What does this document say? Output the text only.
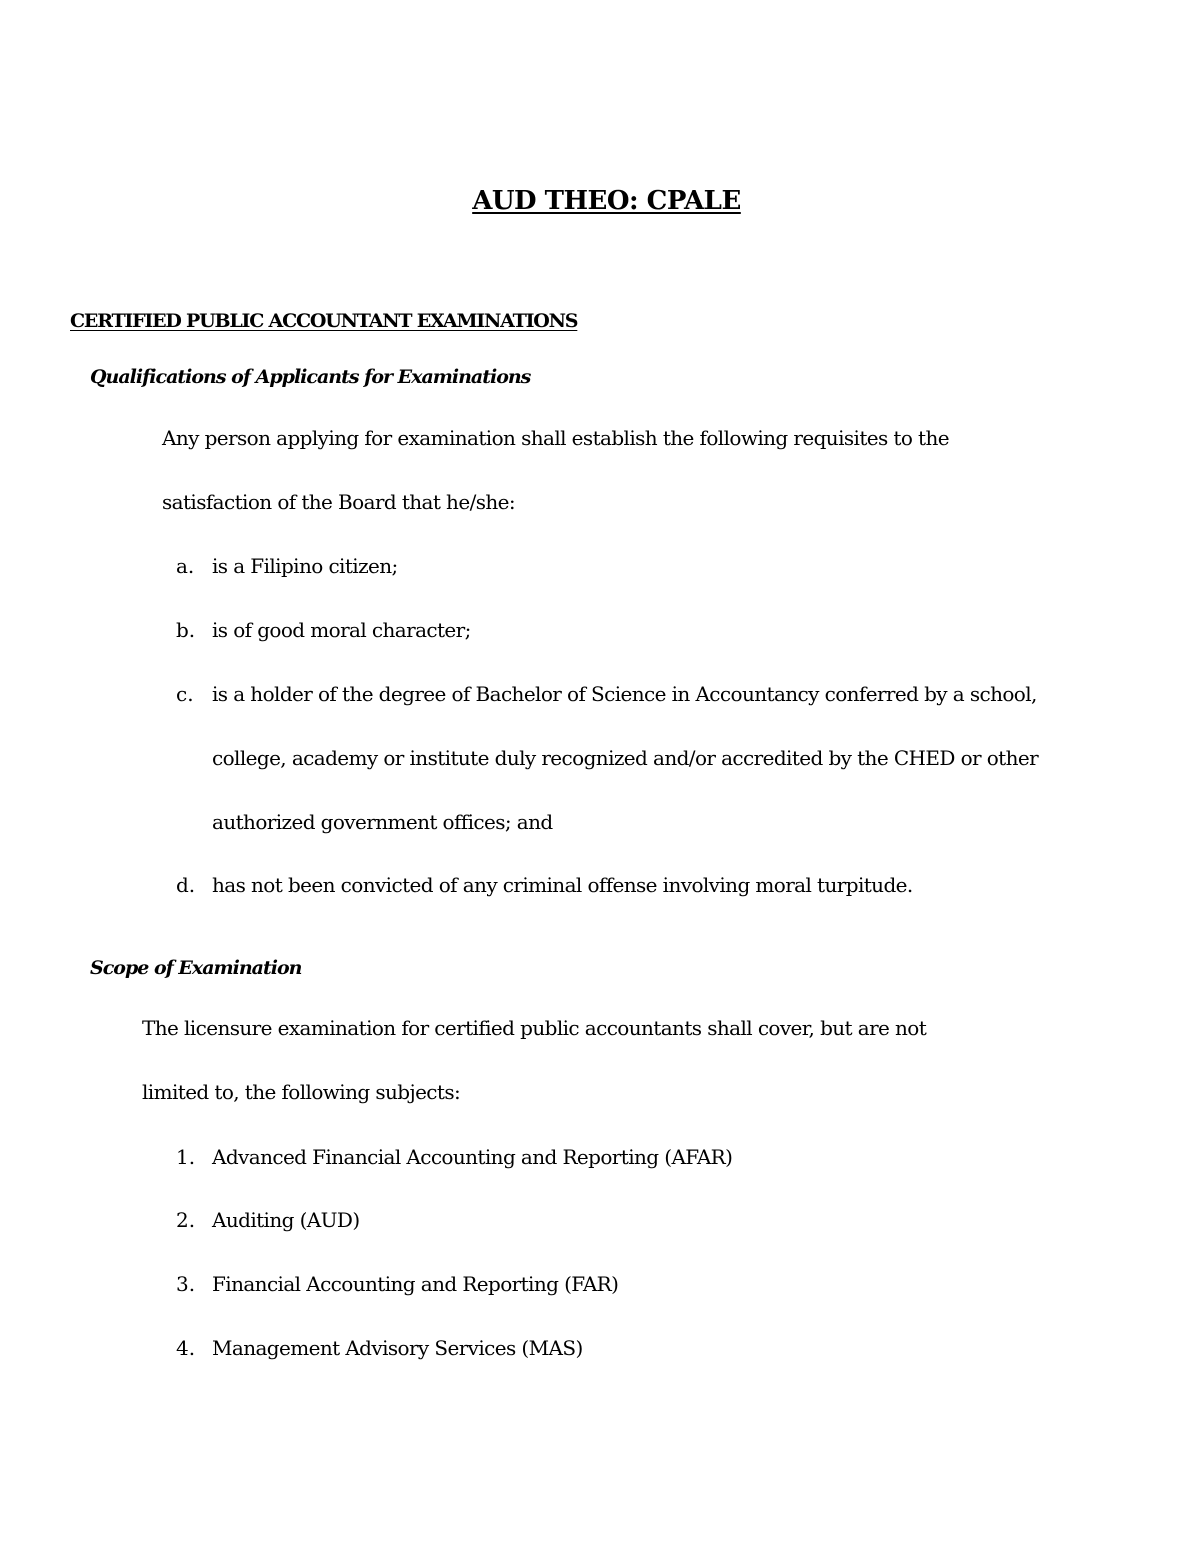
AUD THEO: CPALE
CERTIFIED PUBLIC ACCOUNTANT EXAMINATIONS
Qualifications of Applicants for Examinations
Any person applying for examination shall establish the following requisites to the
satisfaction of the Board that he/she:
a. is a Filipino citizen;
b. is of good moral character;
c. is a holder of the degree of Bachelor of Science in Accountancy conferred by a school,
college, academy or institute duly recognized and/or accredited by the CHED or other
authorized government offices; and
d. has not been convicted of any criminal offense involving moral turpitude.
Scope of Examination
The licensure examination for certified public accountants shall cover, but are not
limited to, the following subjects:
1. Advanced Financial Accounting and Reporting (AFAR)
2. Auditing (AUD)
3. Financial Accounting and Reporting (FAR)
4. Management Advisory Services (MAS)
